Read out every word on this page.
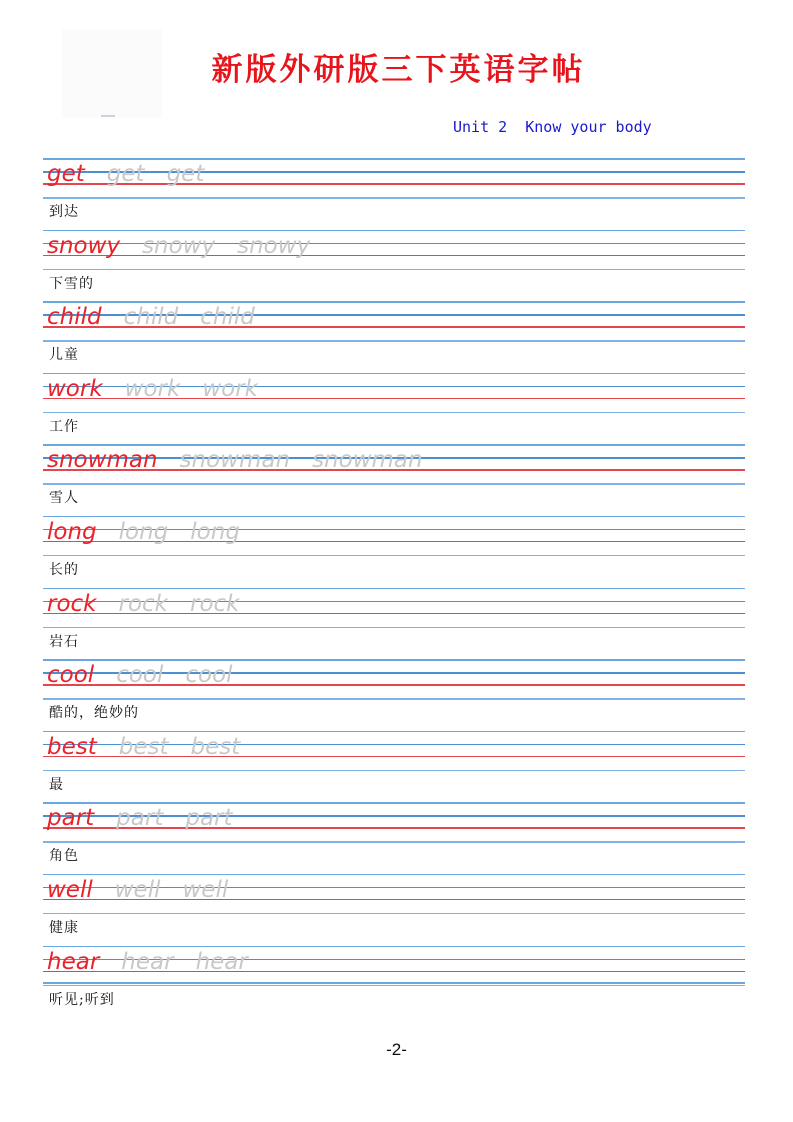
新版外研版三下英语字帖
Unit 2  Know your body
get get get
到达
snowy snowy snowy
下雪的
child child child
儿童
work work work
工作
snowman snowman snowman
雪人
long long long
长的
rock rock rock
岩石
cool cool cool
酷的，绝妙的
best best best
最
part part part
角色
well well well
健康
hear hear hear
听见;听到
-2-
